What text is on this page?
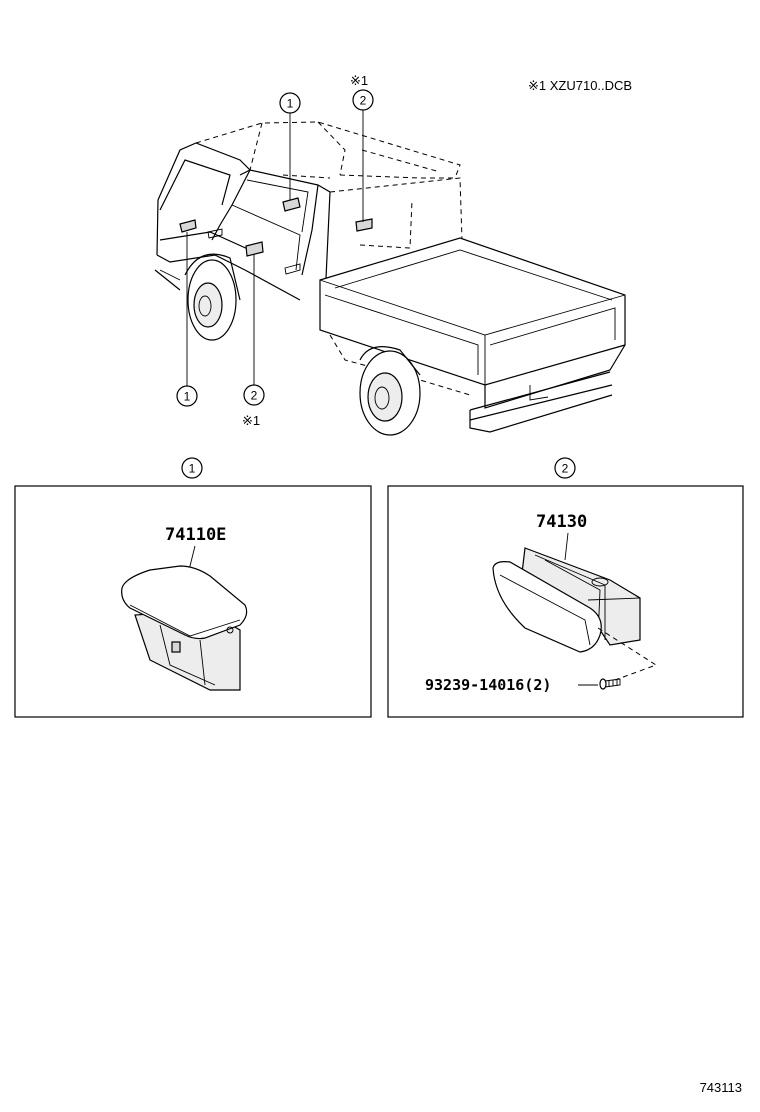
※1 XZU710..DCB
1	2
※1
1	2
※1
1
74110E
2
74130
93239-14016(2)
743113
